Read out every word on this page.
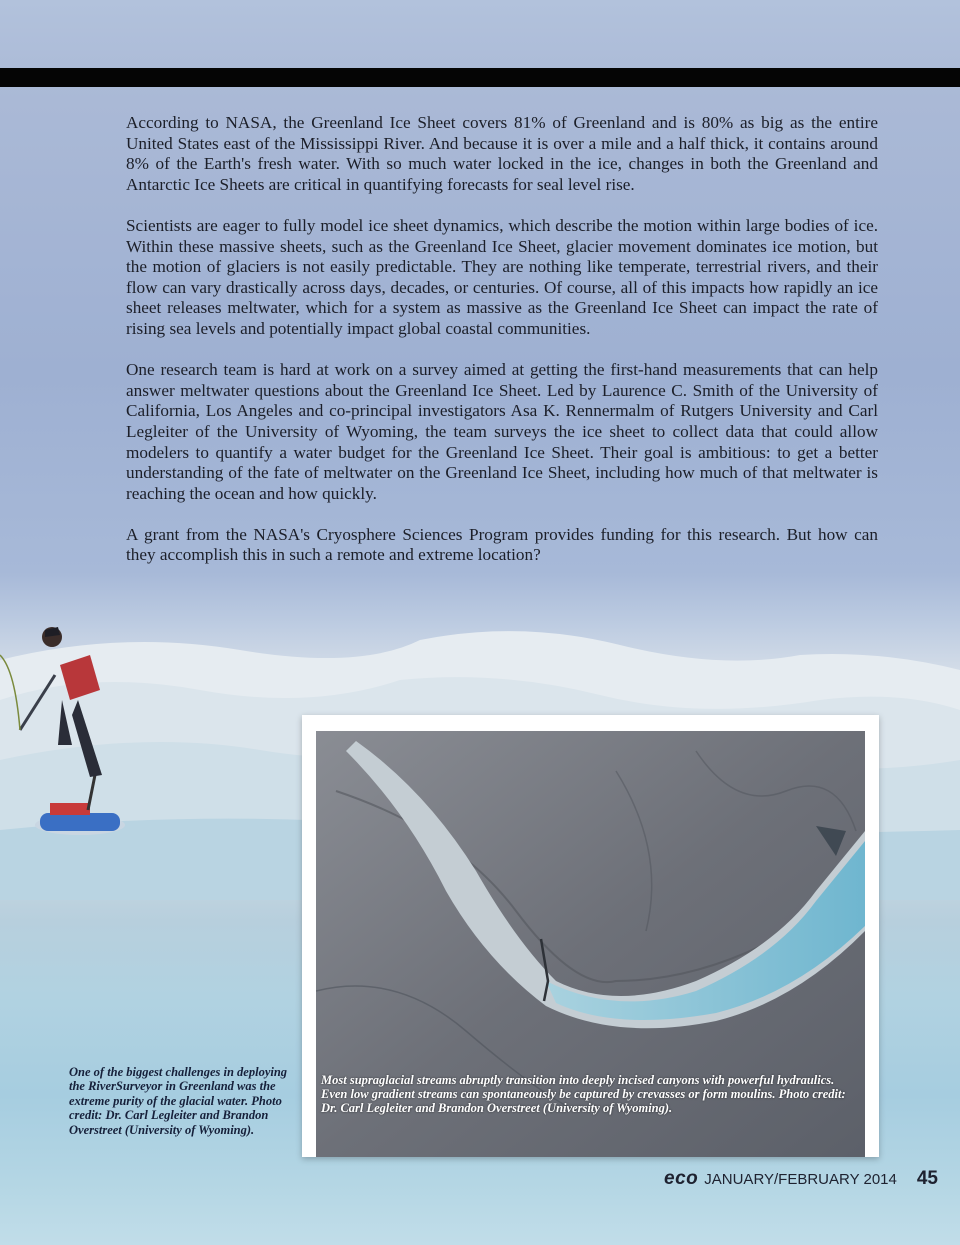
According to NASA, the Greenland Ice Sheet covers 81% of Greenland and is 80% as big as the entire United States east of the Mississippi River. And because it is over a mile and a half thick, it contains around 8% of the Earth's fresh water. With so much water locked in the ice, changes in both the Greenland and Antarctic Ice Sheets are critical in quantifying forecasts for seal level rise.

Scientists are eager to fully model ice sheet dynamics, which describe the motion within large bodies of ice. Within these massive sheets, such as the Greenland Ice Sheet, glacier movement dominates ice motion, but the motion of glaciers is not easily predictable. They are nothing like temperate, terrestrial rivers, and their flow can vary drastically across days, decades, or centuries. Of course, all of this impacts how rapidly an ice sheet releases meltwater, which for a system as massive as the Greenland Ice Sheet can impact the rate of rising sea levels and potentially impact global coastal communities.

One research team is hard at work on a survey aimed at getting the first-hand measurements that can help answer meltwater questions about the Greenland Ice Sheet. Led by Laurence C. Smith of the University of California, Los Angeles and co-principal investigators Asa K. Rennermalm of Rutgers University and Carl Legleiter of the University of Wyoming, the team surveys the ice sheet to collect data that could allow modelers to quantify a water budget for the Greenland Ice Sheet. Their goal is ambitious: to get a better understanding of the fate of meltwater on the Greenland Ice Sheet, including how much of that meltwater is reaching the ocean and how quickly.

A grant from the NASA's Cryosphere Sciences Program provides funding for this research. But how can they accomplish this in such a remote and extreme location?

One of the biggest challenges in deploying the RiverSurveyor in Greenland was the extreme purity of the glacial water. Photo credit: Dr. Carl Legleiter and Brandon Overstreet (University of Wyoming).
Most supraglacial streams abruptly transition into deeply incised canyons with powerful hydraulics. Even low gradient streams can spontaneously be captured by crevasses or form moulins. Photo credit: Dr. Carl Legleiter and Brandon Overstreet (University of Wyoming).
eco JANUARY/FEBRUARY 2014 45
